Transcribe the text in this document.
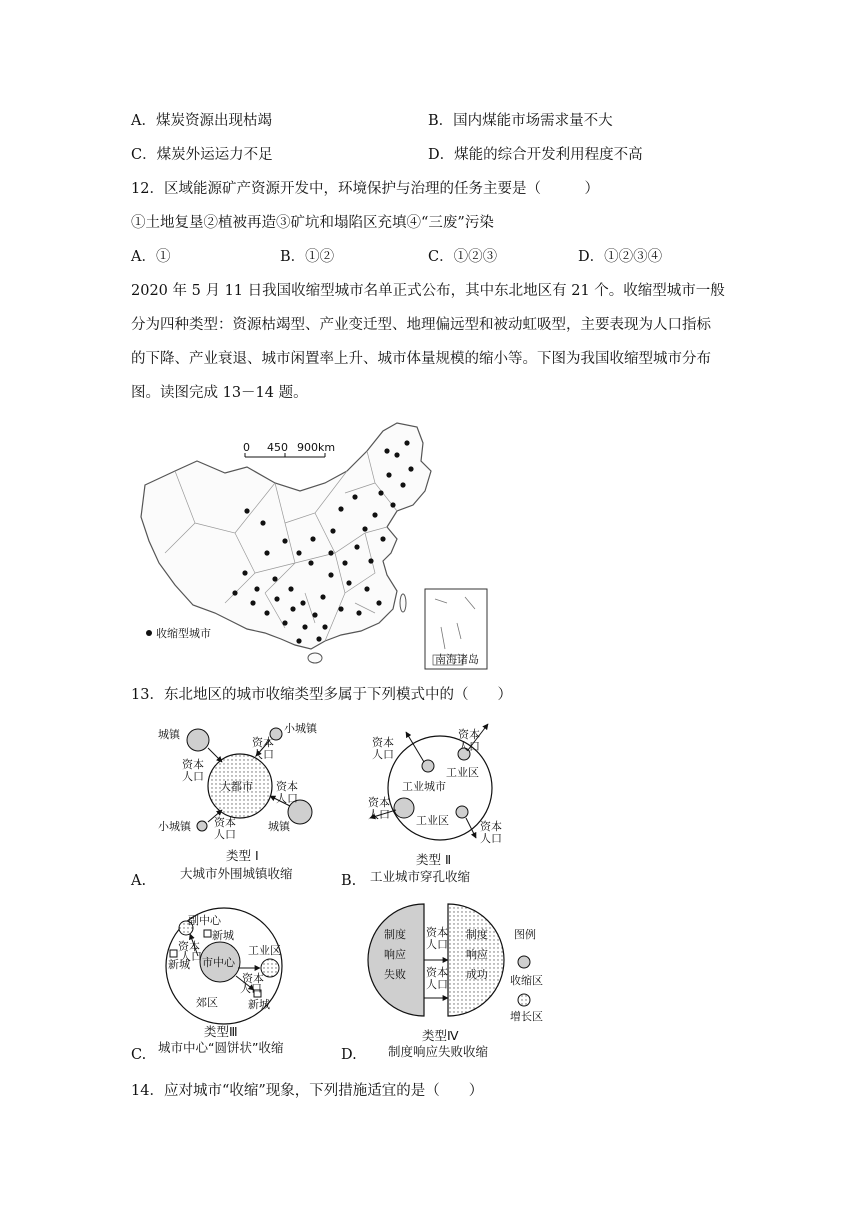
A．煤炭资源出现枯竭	B．国内煤能市场需求量不大
C．煤炭外运运力不足	D．煤能的综合开发利用程度不高
12．区域能源矿产资源开发中，环境保护与治理的任务主要是（　　　）
①土地复垦②植被再造③矿坑和塌陷区充填④“三废”污染
A．①	B．①②	C．①②③	D．①②③④
2020 年 5 月 11 日我国收缩型城市名单正式公布，其中东北地区有 21 个。收缩型城市一般
分为四种类型：资源枯竭型、产业变迁型、地理偏远型和被动虹吸型，主要表现为人口指标
的下降、产业衰退、城市闲置率上升、城市体量规模的缩小等。下图为我国收缩型城市分布
图。读图完成 13－14 题。
0 450 900km
收缩型城市
南海诸岛
13．东北地区的城市收缩类型多属于下列模式中的（　　）
A.	B.
C.	D.
大都市
城镇	小城镇
城镇
小城镇
资本
人口
资本
人口
资本
人口
资本
人口
类型 I
大城市外围城镇收缩
工业城市
工业区
工业区
资本
人口
资本
人口
资本
人口
资本
人口
类型 Ⅱ
工业城市穿孔收缩
市中心
副中心
工业区
新城
新城
新城
资本
人口
资本
人口
郊区
类型Ⅲ
城市中心“圆饼状”收缩
制度
响应
失败
制度
响应
成功
资本
人口
资本
人口
图例
收缩区
增长区
类型Ⅳ
制度响应失败收缩
14．应对城市“收缩”现象，下列措施适宜的是（　　）
